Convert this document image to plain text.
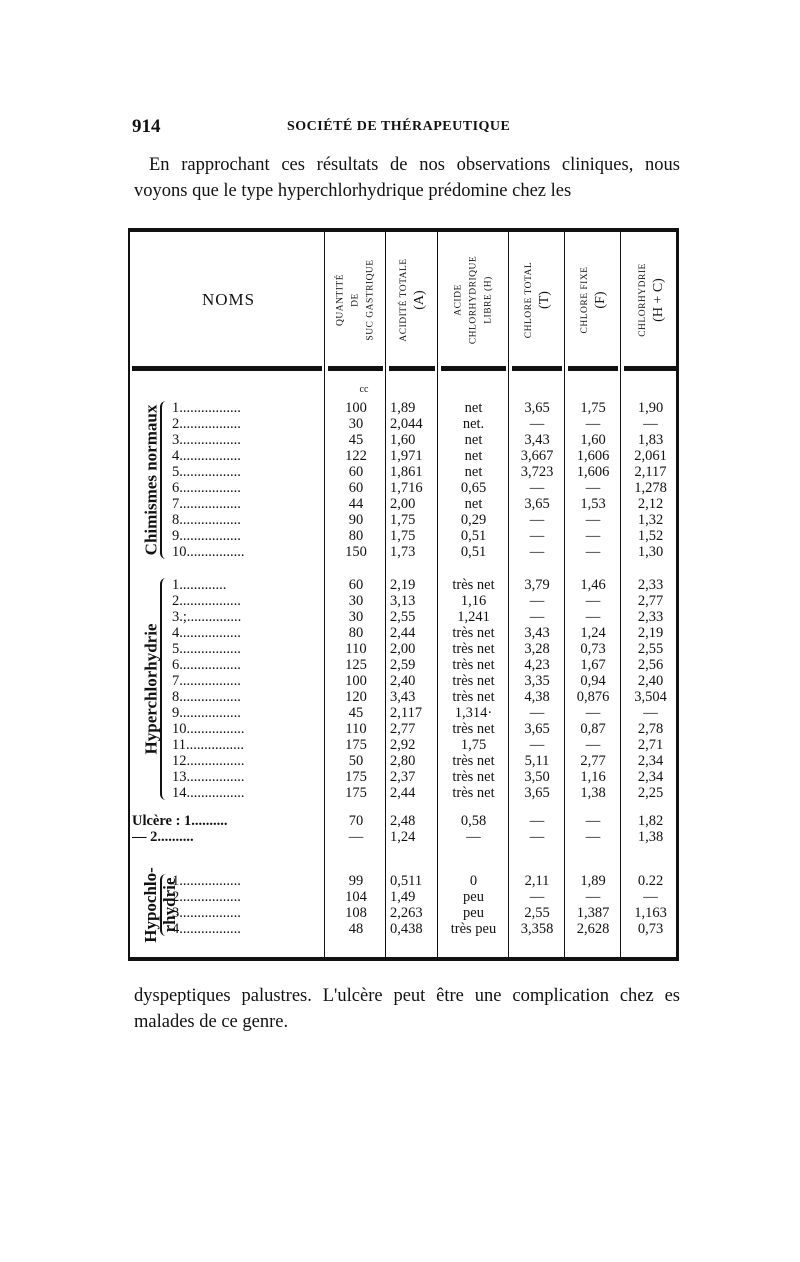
914	SOCIÉTÉ DE THÉRAPEUTIQUE
En rapprochant ces résultats de nos observations cliniques, nous voyons que le type hyperchlorhydrique prédomine chez les
NOMS
cc
QUANTITÉ DE SUC GASTRIQUE	ACIDITÉ TOTALE (A)	ACIDE CHLORHYDRIQUE LIBRE (H)	CHLORE TOTAL (T)	CHLORE FIXE (F)	CHLORHYDRIE (H + C)
Chimismes normaux 1.................	100	1,89	net	3,65	1,75	1,90
2.................	30	2,044	net.	—	—	—
3.................	45	1,60	net	3,43	1,60	1,83
4.................	122	1,971	net	3,667	1,606	2,061
5.................	60	1,861	net	3,723	1,606	2,117
6.................	60	1,716	0,65	—	—	1,278
7.................	44	2,00	net	3,65	1,53	2,12
8.................	90	1,75	0,29	—	—	1,32
9.................	80	1,75	0,51	—	—	1,52
10................	150	1,73	0,51	—	—	1,30
Hyperchlorhydrie
1.............	60	2,19	très net	3,79	1,46	2,33
2.................	30	3,13	1,16	—	—	2,77
3.;...............	30	2,55	1,241	—	—	2,33
4.................	80	2,44	très net	3,43	1,24	2,19
5.................	110	2,00	très net	3,28	0,73	2,55
6.................	125	2,59	très net	4,23	1,67	2,56
7.................	100	2,40	très net	3,35	0,94	2,40
8.................	120	3,43	très net	4,38	0,876	3,504
9.................	45	2,117	1,314·	—	—	—
10................	110	2,77	très net	3,65	0,87	2,78
11................	175	2,92	1,75	—	—	2,71
12................	50	2,80	très net	5,11	2,77	2,34
13................	175	2,37	très net	3,50	1,16	2,34
14................	175	2,44	très net	3,65	1,38	2,25
Ulcère : 1..........	70	2,48	0,58	—	—	1,82
— 2..........	—	1,24	—	—	—	1,38
Hypochlo- rhydrie
1.................	99	0,511	0	2,11	1,89	0.22
2.................	104	1,49	peu	—	—	—
3.................	108	2,263	peu	2,55	1,387	1,163
4.................	48	0,438	très peu	3,358	2,628	0,73
dyspeptiques palustres. L'ulcère peut être une complication chez es malades de ce genre.
